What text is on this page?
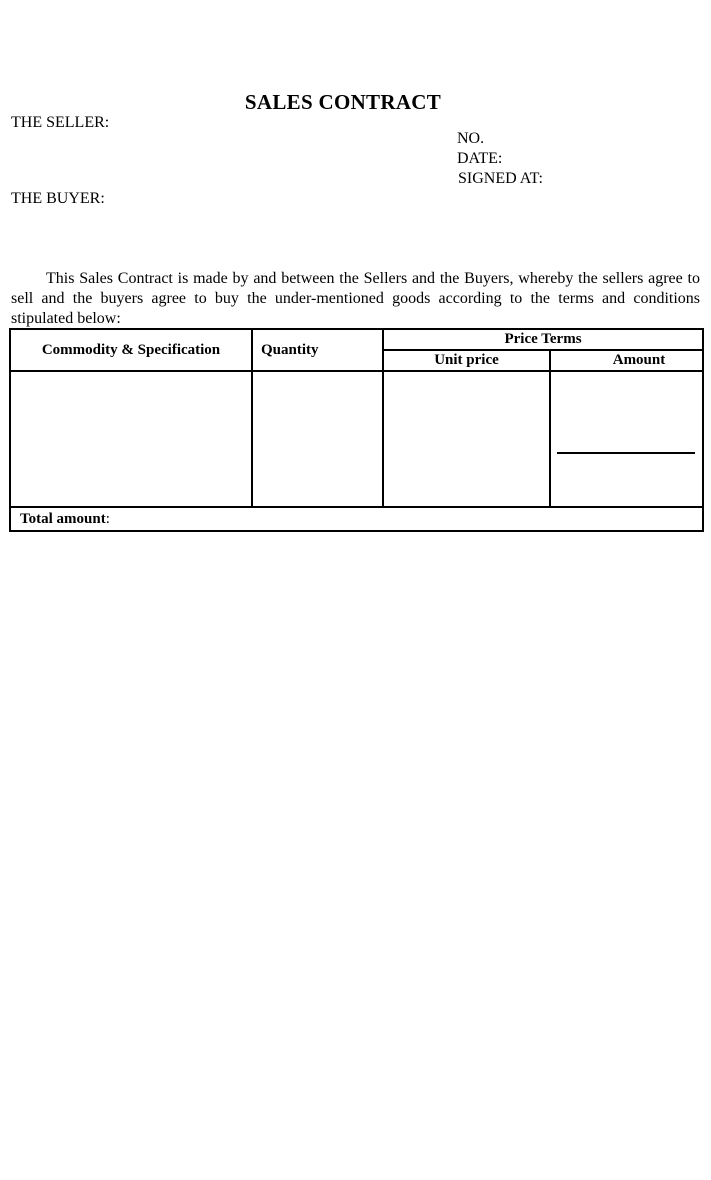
SALES CONTRACT
THE SELLER:
NO.
DATE:
SIGNED AT:
THE BUYER:
This Sales Contract is made by and between the Sellers and the Buyers, whereby the sellers agree to sell and the buyers agree to buy the under-mentioned goods according to the terms and conditions stipulated below:
Commodity & Specification	Quantity	Price Terms	
		Unit price	Amount

Total amount:			
